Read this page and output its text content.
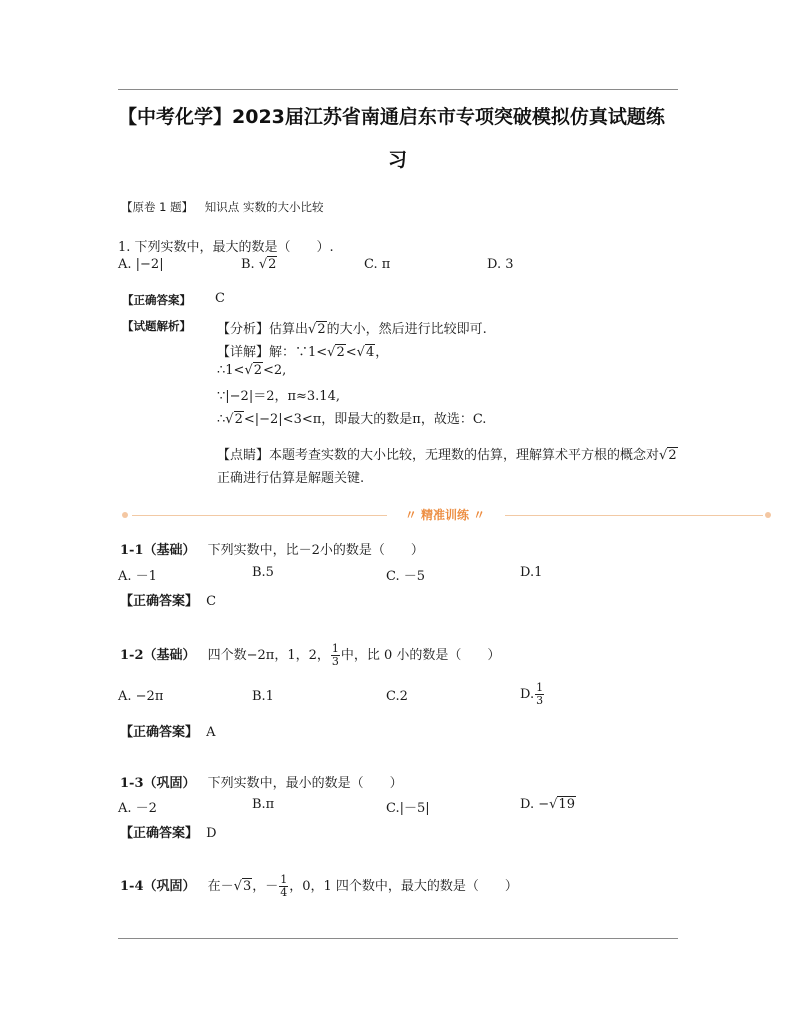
【中考化学】2023届江苏省南通启东市专项突破模拟仿真试题练
习
【原卷 1 题】 知识点 实数的大小比较
1. 下列实数中，最大的数是（　　）.
A. |−2|	B. √2	C. π	D. 3
【正确答案】 C
【试题解析】 【分析】估算出√2的大小，然后进行比较即可.
【详解】解：∵1<√2<√4，
∴1<√2<2,
∵|−2|＝2，π≈3.14,
∴√2<|−2|<3<π，即最大的数是π，故选：C.
【点睛】本题考查实数的大小比较，无理数的估算，理解算术平方根的概念对√2
正确进行估算是解题关键.
〃 精准训练 〃
1-1（基础） 下列实数中，比－2小的数是（　　）
A. －1	B.5	C. －5	D.1
【正确答案】 C
1-2（基础） 四个数−2π，1，2， $\frac{1}{3}$ 中，比 0 小的数是（　　）
A. −2π	B.1	C.2	D. $\frac{1}{3}$
【正确答案】 A
1-3（巩固） 下列实数中，最小的数是（　　）
A. －2	B.π	C.|－5|	D. −√19
【正确答案】 D
1-4（巩固） 在－√3，－ $\frac{1}{4}$ ，0，1 四个数中，最大的数是（　　）
